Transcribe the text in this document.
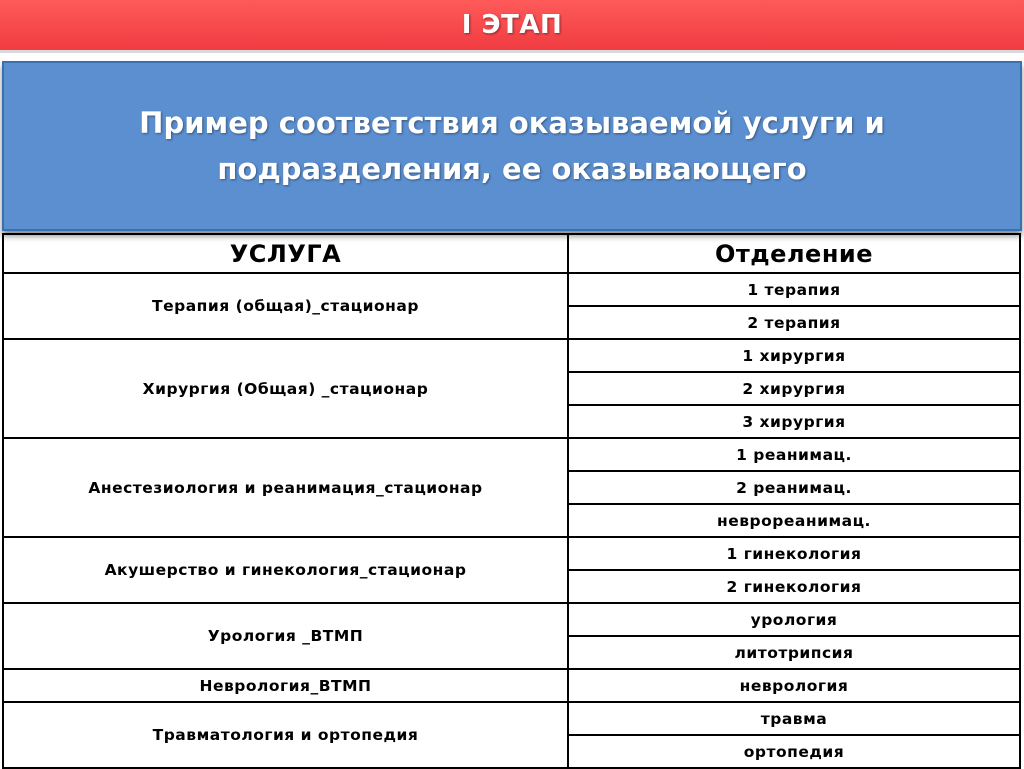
I ЭТАП
Пример соответствия оказываемой услуги и
подразделения, ее оказывающего
УСЛУГА	Отделение
Терапия (общая)_стационар	1 терапия
	2 терапия
Хирургия (Общая) _стационар	1 хирургия
	2 хирургия
	3 хирургия
Анестезиология и реанимация_стационар	1 реанимац.
	2 реанимац.
	неврореанимац.
Акушерство и гинекология_стационар	1 гинекология
	2 гинекология
Урология _ВТМП	урология
	литотрипсия
Неврология_ВТМП	неврология
Травматология и ортопедия	травма
	ортопедия
